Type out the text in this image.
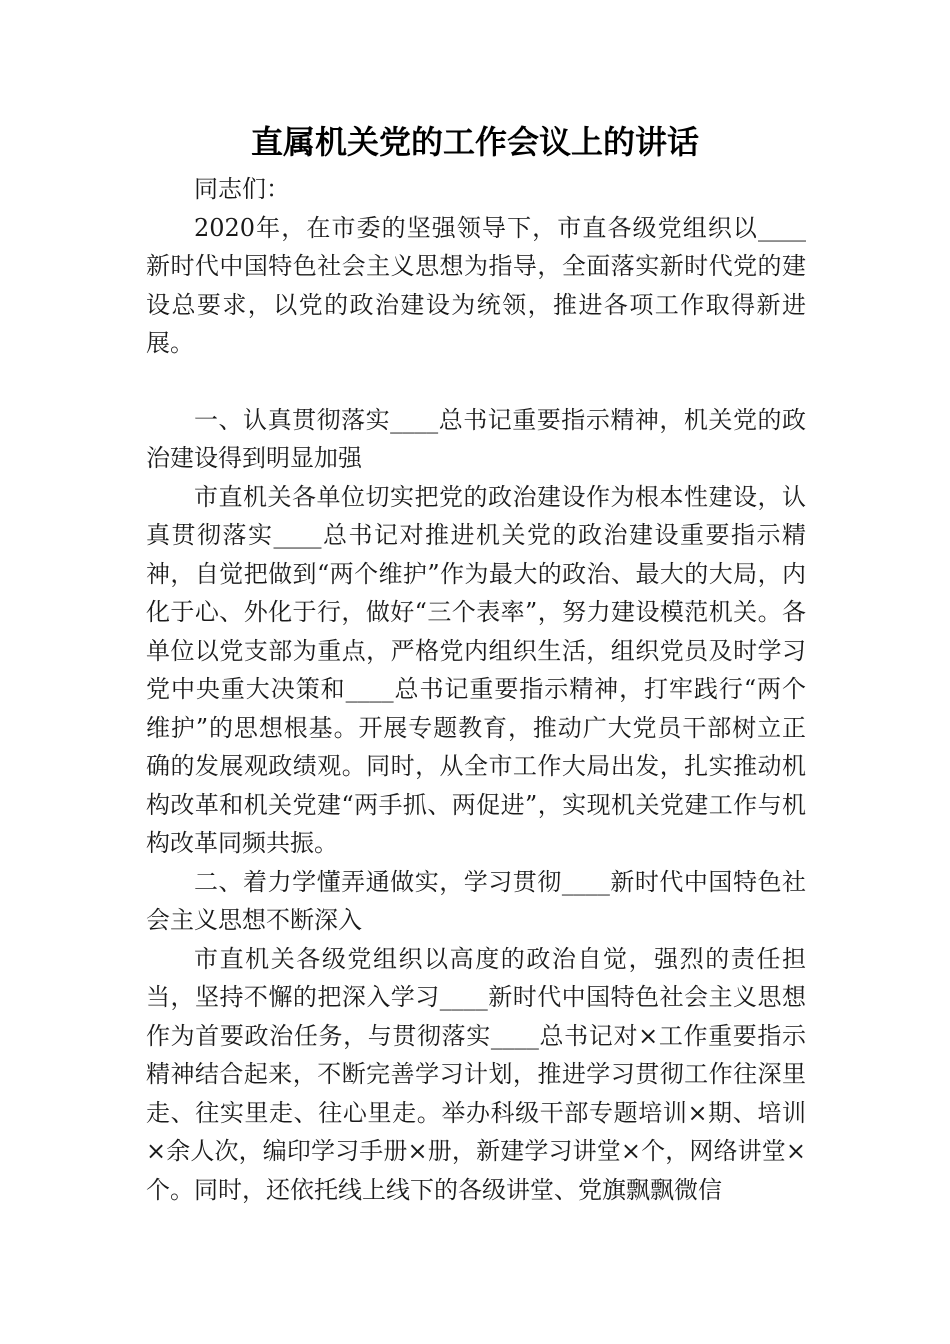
直属机关党的工作会议上的讲话

同志们：

2020年，在市委的坚强领导下，市直各级党组织以____新时代中国特色社会主义思想为指导，全面落实新时代党的建设总要求，以党的政治建设为统领，推进各项工作取得新进展。

一、认真贯彻落实____总书记重要指示精神，机关党的政治建设得到明显加强

市直机关各单位切实把党的政治建设作为根本性建设，认真贯彻落实____总书记对推进机关党的政治建设重要指示精神，自觉把做到“两个维护”作为最大的政治、最大的大局，内化于心、外化于行，做好“三个表率”，努力建设模范机关。各单位以党支部为重点，严格党内组织生活，组织党员及时学习党中央重大决策和____总书记重要指示精神，打牢践行“两个维护”的思想根基。开展专题教育，推动广大党员干部树立正确的发展观政绩观。同时，从全市工作大局出发，扎实推动机构改革和机关党建“两手抓、两促进”，实现机关党建工作与机构改革同频共振。

二、着力学懂弄通做实，学习贯彻____新时代中国特色社会主义思想不断深入

市直机关各级党组织以高度的政治自觉，强烈的责任担当，坚持不懈的把深入学习____新时代中国特色社会主义思想作为首要政治任务，与贯彻落实____总书记对×工作重要指示精神结合起来，不断完善学习计划，推进学习贯彻工作往深里走、往实里走、往心里走。举办科级干部专题培训×期、培训×余人次，编印学习手册×册，新建学习讲堂×个，网络讲堂×个。同时，还依托线上线下的各级讲堂、党旗飘飘微信
